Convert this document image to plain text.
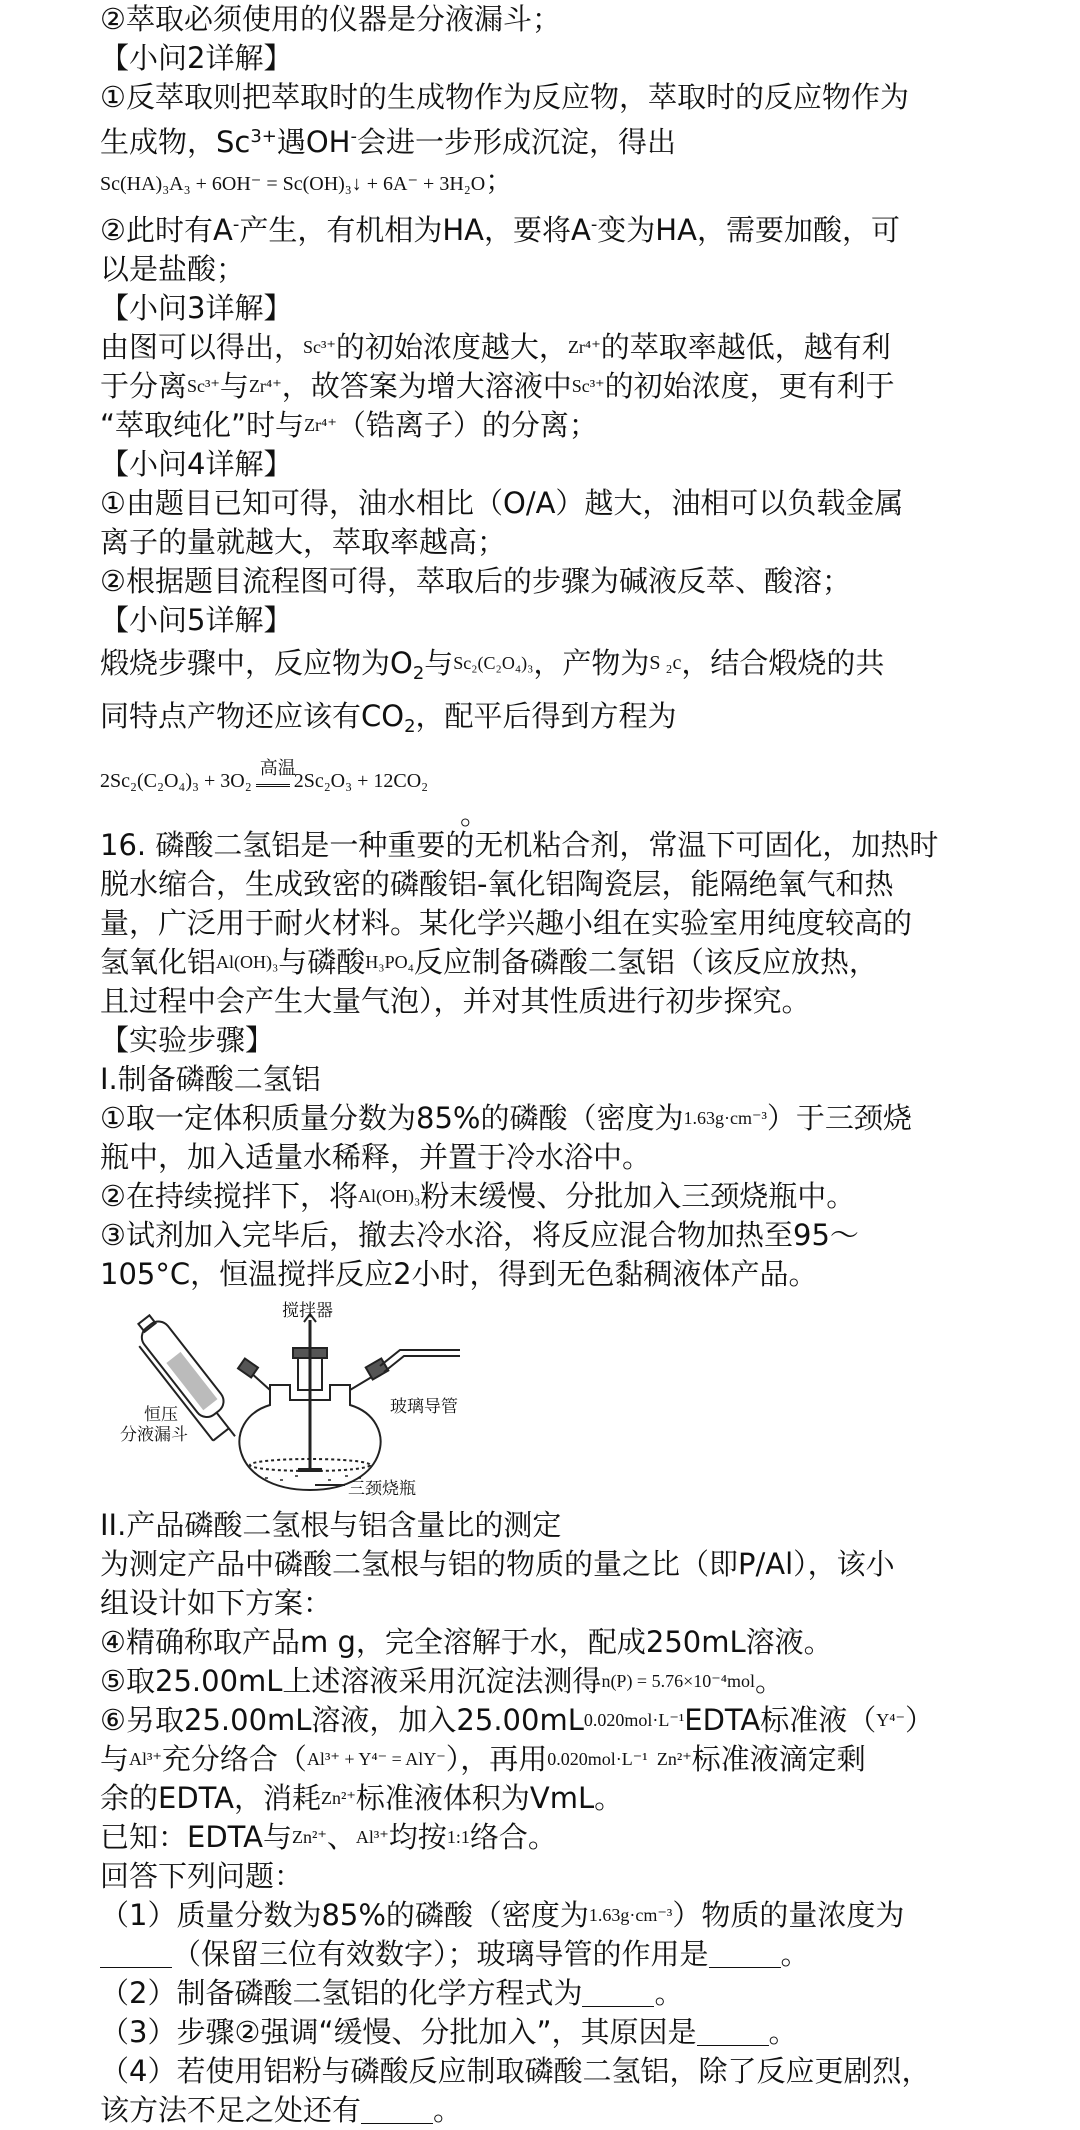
②萃取必须使用的仪器是分液漏斗；
【小问2详解】
①反萃取则把萃取时的生成物作为反应物，萃取时的反应物作为
生成物，$Sc^{3+}$遇OH-会进一步形成沉淀，得出
Sc(HA)₃A₃ + 6OH⁻ = Sc(OH)₃↓ + 6A⁻ + 3H₂O；
②此时有A-产生，有机相为HA，要将A-变为HA，需要加酸，可
以是盐酸；
【小问3详解】
由图可以得出，Sc³⁺的初始浓度越大，Zr⁴⁺的萃取率越低，越有利
于分离Sc³⁺与Zr⁴⁺，故答案为增大溶液中Sc³⁺的初始浓度，更有利于
“萃取纯化”时与Zr⁴⁺（锆离子）的分离；
【小问4详解】
①由题目已知可得，油水相比（O/A）越大，油相可以负载金属
离子的量就越大，萃取率越高；
②根据题目流程图可得，萃取后的步骤为碱液反萃、酸溶；
【小问5详解】
煅烧步骤中，反应物为$O_2$与Sc₂(C₂O₄)₃，产物为S ₂c，结合煅烧的共
同特点产物还应该有$CO_2$，配平后得到方程为
2Sc₂(C₂O₄)₃ + 3O₂
高温
2Sc₂O₃ + 12CO₂
。
16. 磷酸二氢铝是一种重要的无机粘合剂，常温下可固化，加热时
脱水缩合，生成致密的磷酸铝-氧化铝陶瓷层，能隔绝氧气和热
量，广泛用于耐火材料。某化学兴趣小组在实验室用纯度较高的
氢氧化铝Al(OH)₃与磷酸H₃PO₄反应制备磷酸二氢铝（该反应放热，
且过程中会产生大量气泡），并对其性质进行初步探究。
【实验步骤】
I.制备磷酸二氢铝
①取一定体积质量分数为85%的磷酸（密度为1.63g·cm⁻³）于三颈烧
瓶中，加入适量水稀释，并置于冷水浴中。
②在持续搅拌下，将Al(OH)₃粉末缓慢、分批加入三颈烧瓶中。
③试剂加入完毕后，撤去冷水浴，将反应混合物加热至95～
105°C，恒温搅拌反应2小时，得到无色黏稠液体产品。
搅拌器
恒压
分液漏斗
玻璃导管
三颈烧瓶
II.产品磷酸二氢根与铝含量比的测定
为测定产品中磷酸二氢根与铝的物质的量之比（即P/Al），该小
组设计如下方案：
④精确称取产品m g，完全溶解于水，配成250mL溶液。
⑤取25.00mL上述溶液采用沉淀法测得n(P) = 5.76×10⁻⁴mol。
⑥另取25.00mL溶液，加入25.00mL0.020mol·L⁻¹EDTA标准液（Y⁴⁻）
与Al³⁺充分络合（Al³⁺ + Y⁴⁻ = AlY⁻），再用0.020mol·L⁻¹ Zn²⁺标准液滴定剩
余的EDTA，消耗Zn²⁺标准液体积为VmL。
已知：EDTA与Zn²⁺、Al³⁺均按1:1络合。
回答下列问题：
（1）质量分数为85%的磷酸（密度为1.63g·cm⁻³）物质的量浓度为
（保留三位有效数字）；玻璃导管的作用是 。
（2）制备磷酸二氢铝的化学方程式为 。
（3）步骤②强调“缓慢、分批加入”，其原因是 。
（4）若使用铝粉与磷酸反应制取磷酸二氢铝，除了反应更剧烈，
该方法不足之处还有 。
